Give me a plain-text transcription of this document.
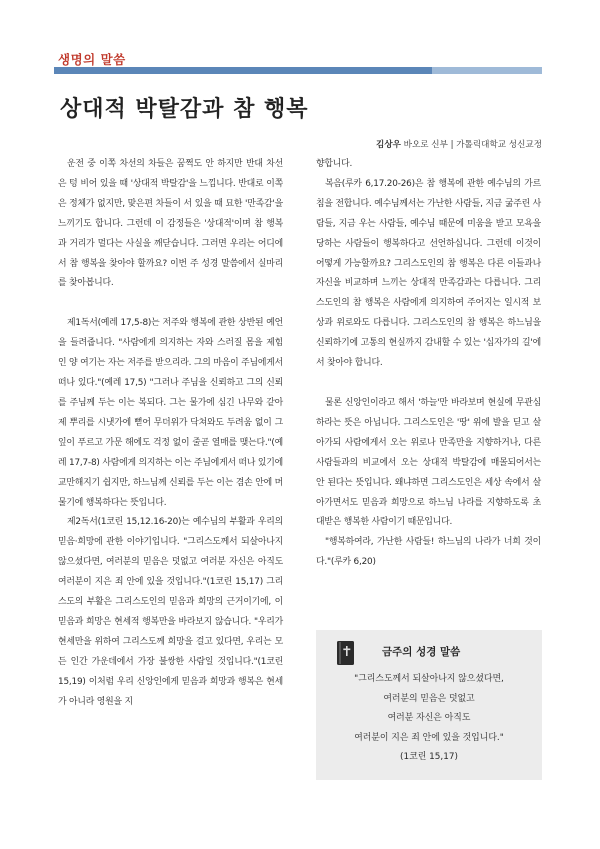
생명의 말씀
상대적 박탈감과 참 행복
김상우 바오로 신부 | 가톨릭대학교 성신교정

운전 중 이쪽 차선의 차들은 꿈쩍도 안 하지만 반대 차선은 텅 비어 있을 때 '상대적 박탈감'을 느낍니다. 반대로 이쪽은 정체가 없지만, 맞은편 차들이 서 있을 때 묘한 '만족감'을 느끼기도 합니다. 그런데 이 감정들은 '상대적'이며 참 행복과 거리가 멀다는 사실을 깨닫습니다. 그러면 우리는 어디에서 참 행복을 찾아야 할까요? 이번 주 성경 말씀에서 실마리를 찾아봅니다.

제1독서(예레 17,5-8)는 저주와 행복에 관한 상반된 예언을 들려줍니다. "사람에게 의지하는 자와 스러질 몸을 제힘인 양 여기는 자는 저주를 받으리라. 그의 마음이 주님에게서 떠나 있다."(예레 17,5) "그러나 주님을 신뢰하고 그의 신뢰를 주님께 두는 이는 복되다. 그는 물가에 심긴 나무와 같아 제 뿌리를 시냇가에 뻗어 무더위가 닥쳐와도 두려움 없이 그 잎이 푸르고 가문 해에도 걱정 없이 줄곧 열매를 맺는다."(예레 17,7-8) 사람에게 의지하는 이는 주님에게서 떠나 있기에 교만해지기 쉽지만, 하느님께 신뢰를 두는 이는 겸손 안에 머물기에 행복하다는 뜻입니다.

제2독서(1코린 15,12.16-20)는 예수님의 부활과 우리의 믿음·희망에 관한 이야기입니다. "그리스도께서 되살아나지 않으셨다면, 여러분의 믿음은 덧없고 여러분 자신은 아직도 여러분이 지은 죄 안에 있을 것입니다."(1코린 15,17) 그리스도의 부활은 그리스도인의 믿음과 희망의 근거이기에, 이 믿음과 희망은 현세적 행복만을 바라보지 않습니다. "우리가 현세만을 위하여 그리스도께 희망을 걸고 있다면, 우리는 모든 인간 가운데에서 가장 불쌍한 사람일 것입니다."(1코린 15,19) 이처럼 우리 신앙인에게 믿음과 희망과 행복은 현세가 아니라 영원을 지

향합니다.

복음(루카 6,17.20-26)은 참 행복에 관한 예수님의 가르침을 전합니다. 예수님께서는 가난한 사람들, 지금 굶주린 사람들, 지금 우는 사람들, 예수님 때문에 미움을 받고 모욕을 당하는 사람들이 행복하다고 선언하십니다. 그런데 이것이 어떻게 가능할까요? 그리스도인의 참 행복은 다른 이들과나 자신을 비교하며 느끼는 상대적 만족감과는 다릅니다. 그리스도인의 참 행복은 사람에게 의지하여 주어지는 일시적 보상과 위로와도 다릅니다. 그리스도인의 참 행복은 하느님을 신뢰하기에 고통의 현실까지 감내할 수 있는 '십자가의 길'에서 찾아야 합니다.

물론 신앙인이라고 해서 '하늘'만 바라보며 현실에 무관심 하라는 뜻은 아닙니다. 그리스도인은 '땅' 위에 발을 딛고 살아가되 사람에게서 오는 위로나 만족만을 지향하거나, 다른 사람들과의 비교에서 오는 상대적 박탈감에 매몰되어서는 안 된다는 뜻입니다. 왜냐하면 그리스도인은 세상 속에서 살아가면서도 믿음과 희망으로 하느님 나라를 지향하도록 초대받은 행복한 사람이기 때문입니다.

"행복하여라, 가난한 사람들! 하느님의 나라가 너희 것이다."(루카 6,20)

금주의 성경 말씀
"그리스도께서 되살아나지 않으셨다면,
여러분의 믿음은 덧없고
여러분 자신은 아직도
여러분이 지은 죄 안에 있을 것입니다."
(1코린 15,17)
